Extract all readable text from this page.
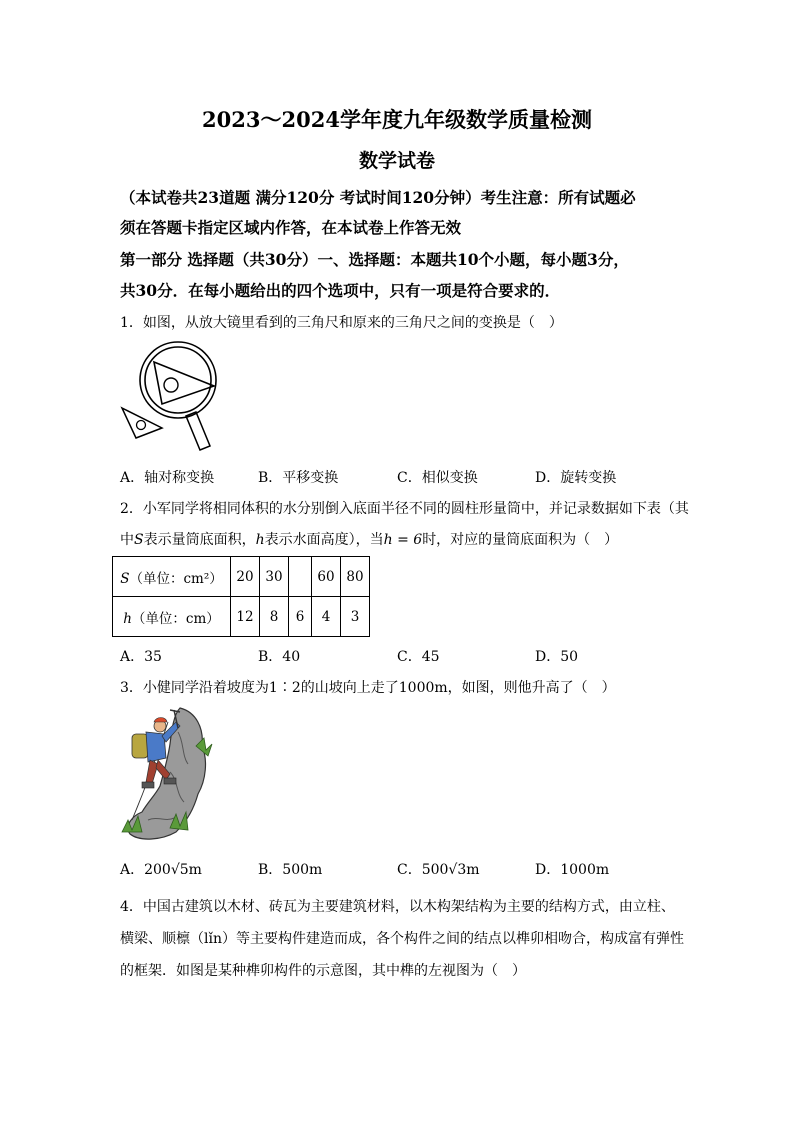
2023～2024学年度九年级数学质量检测
数学试卷
（本试卷共23道题 满分120分 考试时间120分钟）考生注意：所有试题必
须在答题卡指定区域内作答，在本试卷上作答无效
第一部分 选择题（共30分）一、选择题：本题共10个小题，每小题3分，
共30分．在每小题给出的四个选项中，只有一项是符合要求的．
1．如图，从放大镜里看到的三角尺和原来的三角尺之间的变换是（　）
A．轴对称变换	B．平移变换	C．相似变换	D．旋转变换
2．小军同学将相同体积的水分别倒入底面半径不同的圆柱形量筒中，并记录数据如下表（其
中S表示量筒底面积，h表示水面高度），当h = 6时，对应的量筒底面积为（　）
S（单位：cm²）	20	30		60	80
h（单位：cm）	12	8	6	4	3
A．35	B．40	C．45	D．50
3．小健同学沿着坡度为1∶2的山坡向上走了1000m，如图，则他升高了（　）
A．200√5m	B．500m	C．500√3m	D．1000m
4．中国古建筑以木材、砖瓦为主要建筑材料，以木构架结构为主要的结构方式，由立柱、
横梁、顺檩（lǐn）等主要构件建造而成，各个构件之间的结点以榫卯相吻合，构成富有弹性
的框架．如图是某种榫卯构件的示意图，其中榫的左视图为（　）
